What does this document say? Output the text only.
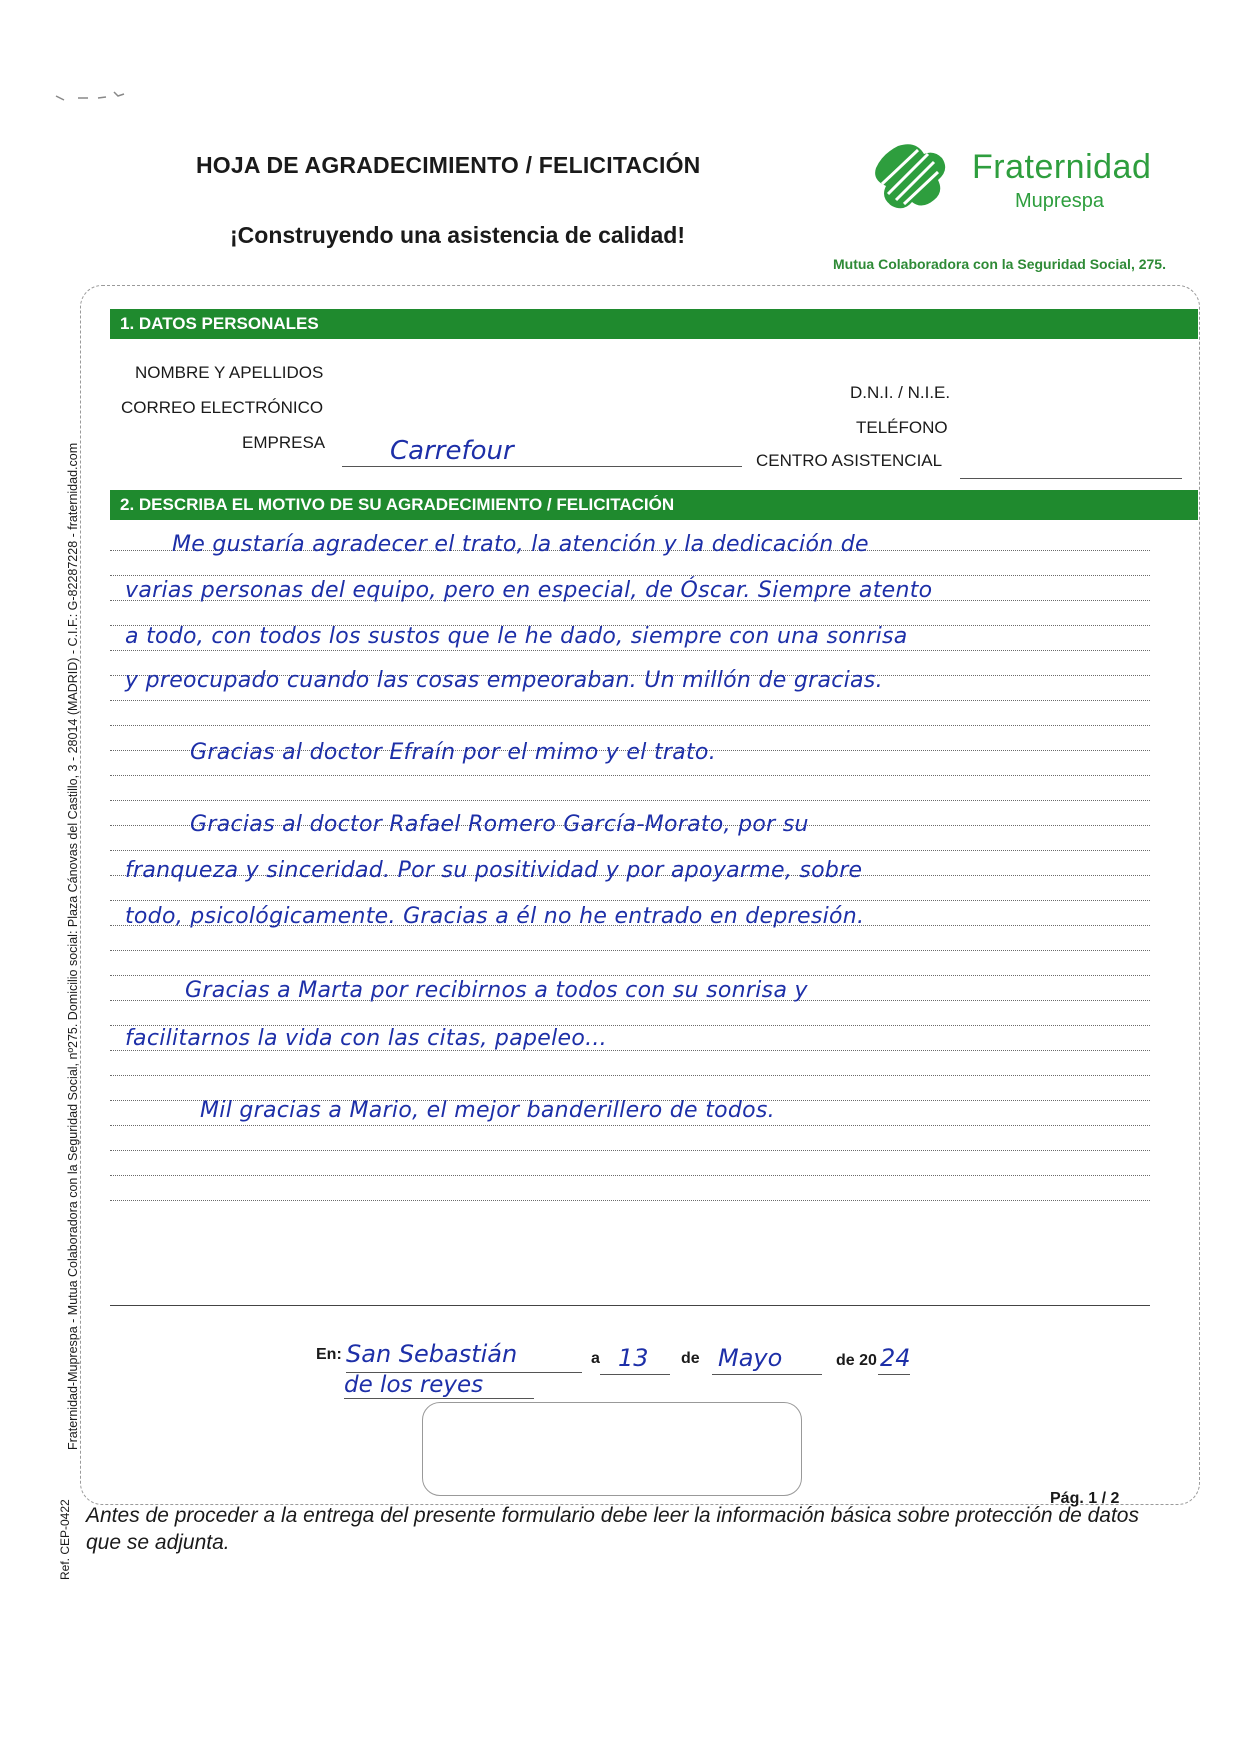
HOJA DE AGRADECIMIENTO / FELICITACIÓN
¡Construyendo una asistencia de calidad!
Fraternidad
Muprespa
Mutua Colaboradora con la Seguridad Social, 275.
1. DATOS PERSONALES
NOMBRE Y APELLIDOS
CORREO ELECTRÓNICO
EMPRESA Carrefour
D.N.I. / N.I.E.
TELÉFONO
CENTRO ASISTENCIAL
2. DESCRIBA EL MOTIVO DE SU AGRADECIMIENTO / FELICITACIÓN
Me gustaría agradecer el trato, la atención y la dedicación de
varias personas del equipo, pero en especial, de Óscar. Siempre atento
a todo, con todos los sustos que le he dado, siempre con una sonrisa
y preocupado cuando las cosas empeoraban. Un millón de gracias.
Gracias al doctor Efraín por el mimo y el trato.
Gracias al doctor Rafael Romero García-Morato, por su
franqueza y sinceridad. Por su positividad y por apoyarme, sobre
todo, psicológicamente. Gracias a él no he entrado en depresión.
Gracias a Marta por recibirnos a todos con su sonrisa y
facilitarnos la vida con las citas, papeleo...
Mil gracias a Mario, el mejor banderillero de todos.
En: San Sebastián
de los reyes
a 13 de Mayo	de 20 24
Pág. 1 / 2
Antes de proceder a la entrega del presente formulario debe leer la información básica sobre protección de datos que se adjunta.
Fraternidad-Muprespa - Mutua Colaboradora con la Seguridad Social, nº275. Domicilio social: Plaza Cánovas del Castillo, 3 - 28014 (MADRID) - C.I.F.: G-82287228 - fraternidad.com
Ref. CEP-0422
